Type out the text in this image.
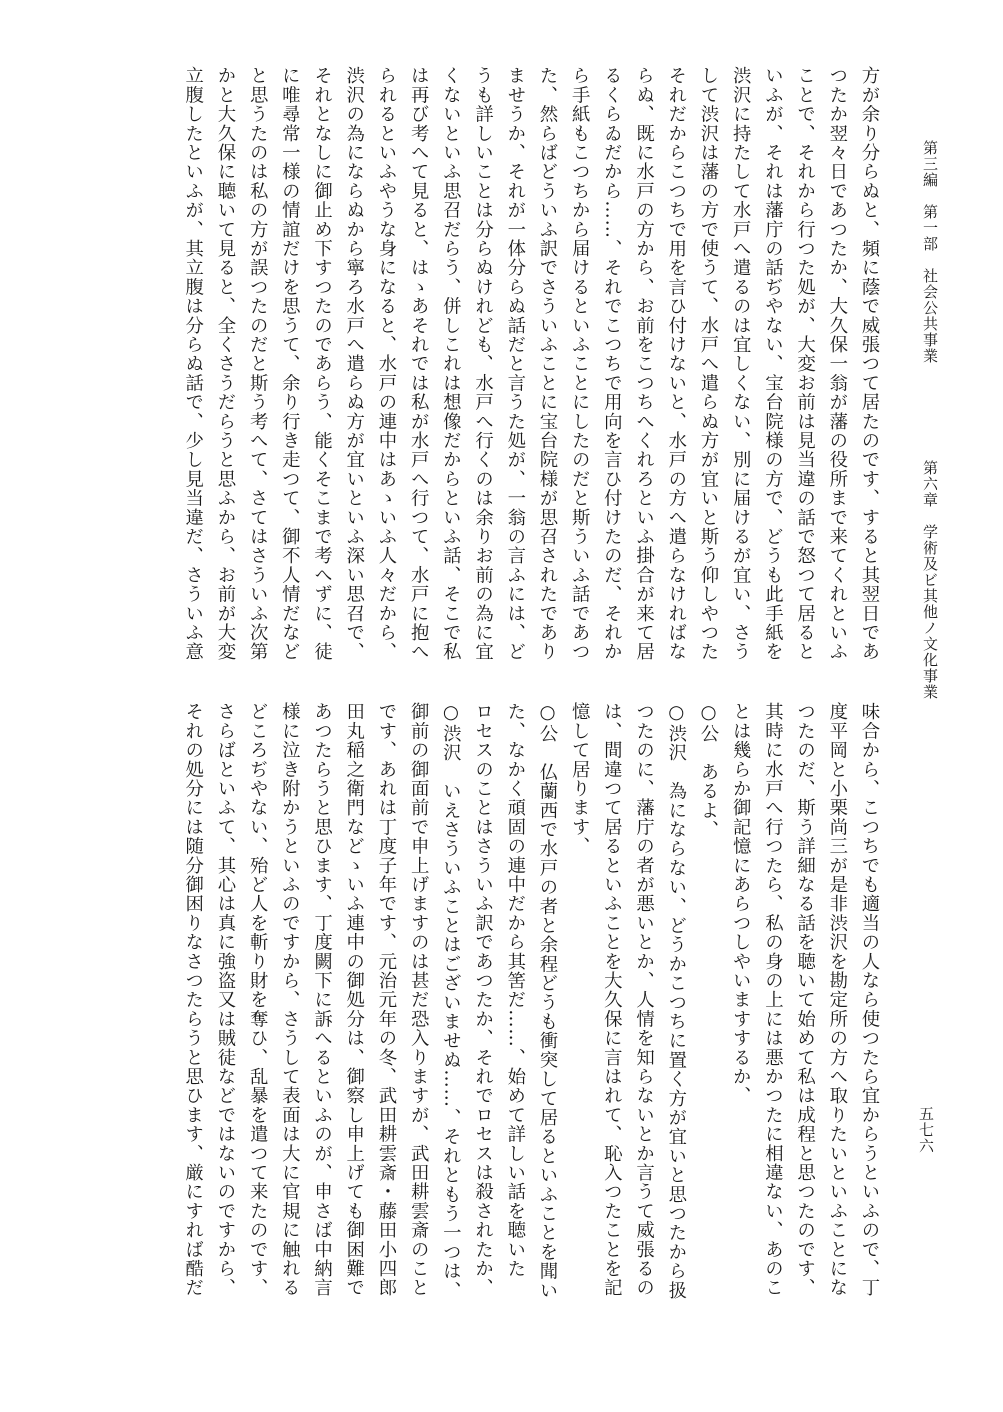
第三編　第一部　社会公共事業
第六章　学術及ビ其他ノ文化事業
五七六

方が余り分らぬと、頻に蔭で威張つて居たのです、すると其翌日であ

つたか翌々日であつたか、大久保一翁が藩の役所まで来てくれといふ

ことで、それから行つた処が、大変お前は見当違の話で怒つて居ると

いふが、それは藩庁の話ぢやない、宝台院様の方で、どうも此手紙を

渋沢に持たして水戸へ遣るのは宜しくない、別に届けるが宜い、さう

して渋沢は藩の方で使うて、水戸へ遣らぬ方が宜いと斯う仰しやつた

それだからこつちで用を言ひ付けないと、水戸の方へ遣らなければな

らぬ、既に水戸の方から、お前をこつちへくれろといふ掛合が来て居

るくらゐだから……、それでこつちで用向を言ひ付けたのだ、それか

ら手紙もこつちから届けるといふことにしたのだと斯ういふ話であつ

た、然らばどういふ訳でさういふことに宝台院様が思召されたであり

ませうか、それが一体分らぬ話だと言うた処が、一翁の言ふには、ど

うも詳しいことは分らぬけれども、水戸へ行くのは余りお前の為に宜

くないといふ思召だらう、併しこれは想像だからといふ話、そこで私

は再び考へて見ると、はゝあそれでは私が水戸へ行つて、水戸に抱へ

られるといふやうな身になると、水戸の連中はあゝいふ人々だから、

渋沢の為にならぬから寧ろ水戸へ遣らぬ方が宜いといふ深い思召で、

それとなしに御止め下すつたのであらう、能くそこまで考へずに、徒

に唯尋常一様の情誼だけを思うて、余り行き走つて、御不人情だなど

と思うたのは私の方が誤つたのだと斯う考へて、さてはさういふ次第

かと大久保に聴いて見ると、全くさうだらうと思ふから、お前が大変

立腹したといふが、其立腹は分らぬ話で、少し見当違だ、さういふ意

味合から、こつちでも適当の人なら使つたら宜からうといふので、丁

度平岡と小栗尚三が是非渋沢を勘定所の方へ取りたいといふことにな

つたのだ、斯う詳細なる話を聴いて始めて私は成程と思つたのです、

其時に水戸へ行つたら、私の身の上には悪かつたに相違ない、あのこ

とは幾らか御記憶にあらつしやいますするか、

○公　あるよ、

○渋沢　為にならない、どうかこつちに置く方が宜いと思つたから扱

つたのに、藩庁の者が悪いとか、人情を知らないとか言うて威張るの

は、間違つて居るといふことを大久保に言はれて、恥入つたことを記

憶して居ります、

○公　仏蘭西で水戸の者と余程どうも衝突して居るといふことを聞い

た、なかく頑固の連中だから其筈だ……、始めて詳しい話を聴いた

ロセスのことはさういふ訳であつたか、それでロセスは殺されたか、

○渋沢　いえさういふことはございませぬ……、それともう一つは、

御前の御面前で申上げますのは甚だ恐入りますが、武田耕雲斎のこと

です、あれは丁度子年です、元治元年の冬、武田耕雲斎・藤田小四郎

田丸稲之衛門などゝいふ連中の御処分は、御察し申上げても御困難で

あつたらうと思ひます、丁度闕下に訴へるといふのが、申さば中納言

様に泣き附かうといふのですから、さうして表面は大に官規に触れる

どころぢやない、殆ど人を斬り財を奪ひ、乱暴を遣つて来たのです、

さらばといふて、其心は真に強盗又は賊徒などではないのですから、

それの処分には随分御困りなさつたらうと思ひます、厳にすれば酷だ
